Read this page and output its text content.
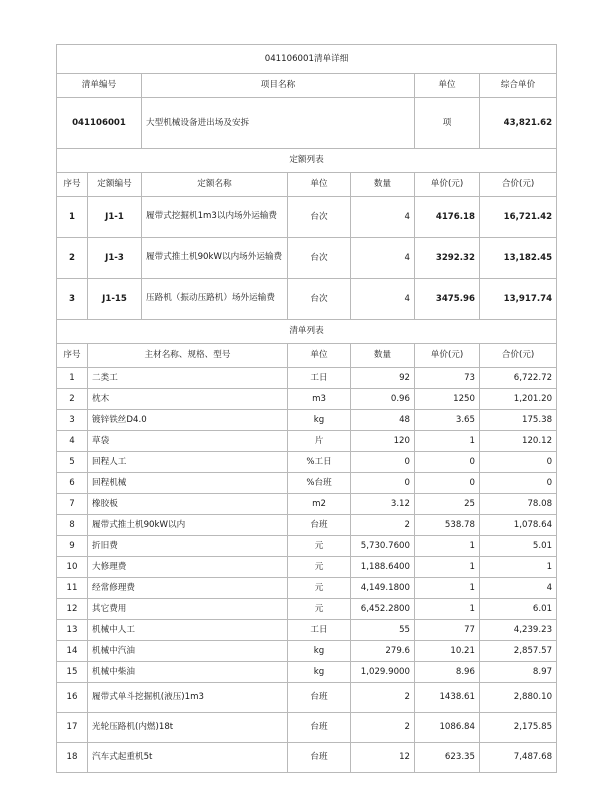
041106001清单详细						
清单编号		项目名称			单位	综合单价
041106001		大型机械设备进出场及安拆			项	43,821.62
定额列表						
序号	定额编号	定额名称	单位	数量	单价(元)	合价(元)
1	J1-1	履带式挖掘机1m3以内场外运输费	台次	4	4176.18	16,721.42
2	J1-3	履带式推土机90kW以内场外运输费	台次	4	3292.32	13,182.45
3	J1-15	压路机（振动压路机）场外运输费	台次	4	3475.96	13,917.74
清单列表						
序号	主材名称、规格、型号		单位	数量	单价(元)	合价(元)
1	二类工		工日	92	73	6,722.72
2	枕木		m3	0.96	1250	1,201.20
3	镀锌铁丝D4.0		kg	48	3.65	175.38
4	草袋		片	120	1	120.12
5	回程人工		%工日	0	0	0
6	回程机械		%台班	0	0	0
7	橡胶板		m2	3.12	25	78.08
8	履带式推土机90kW以内		台班	2	538.78	1,078.64
9	折旧费		元	5,730.7600	1	5.01
10	大修理费		元	1,188.6400	1	1
11	经常修理费		元	4,149.1800	1	4
12	其它费用		元	6,452.2800	1	6.01
13	机械中人工		工日	55	77	4,239.23
14	机械中汽油		kg	279.6	10.21	2,857.57
15	机械中柴油		kg	1,029.9000	8.96	8.97
16	履带式单斗挖掘机(液压)1m3		台班	2	1438.61	2,880.10
17	光轮压路机(内燃)18t		台班	2	1086.84	2,175.85
18	汽车式起重机5t		台班	12	623.35	7,487.68
